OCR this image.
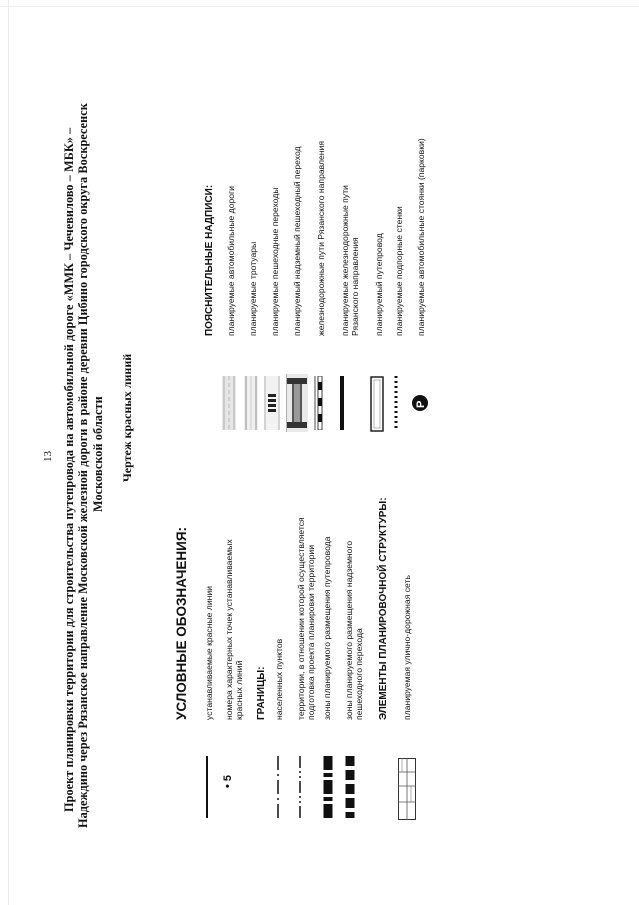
13 Проект планировки территории для строительства путепровода на автомобильной дороге «ММК – Чечевилово – МБК» – Надеждино через Рязанское направление Московской железной дороги в районе деревни Цибино городского округа Воскресенск Московской области Чертеж красных линий
УСЛОВНЫЕ ОБОЗНАЧЕНИЯ: устанавливаемые красные линии
• 5
номера характерных точек устанавливаемых красных линий ГРАНИЦЫ: населенных пунктов территории, в отношении которой осуществляется подготовка проекта планировки территории зоны планируемого размещения путепровода зоны планируемого размещения надземного пешеходного перехода ЭЛЕМЕНТЫ ПЛАНИРОВОЧНОЙ СТРУКТУРЫ: планируемая улично-дорожная сеть
ПОЯСНИТЕЛЬНЫЕ НАДПИСИ: планируемые автомобильные дороги планируемые тротуары планируемые пешеходные переходы планируемый надземный пешеходный переход железнодорожные пути Рязанского направления планируемые железнодорожные пути Рязанского направления планируемый путепровод планируемые подпорные стенки
P
планируемые автомобильные стоянки (парковки)
